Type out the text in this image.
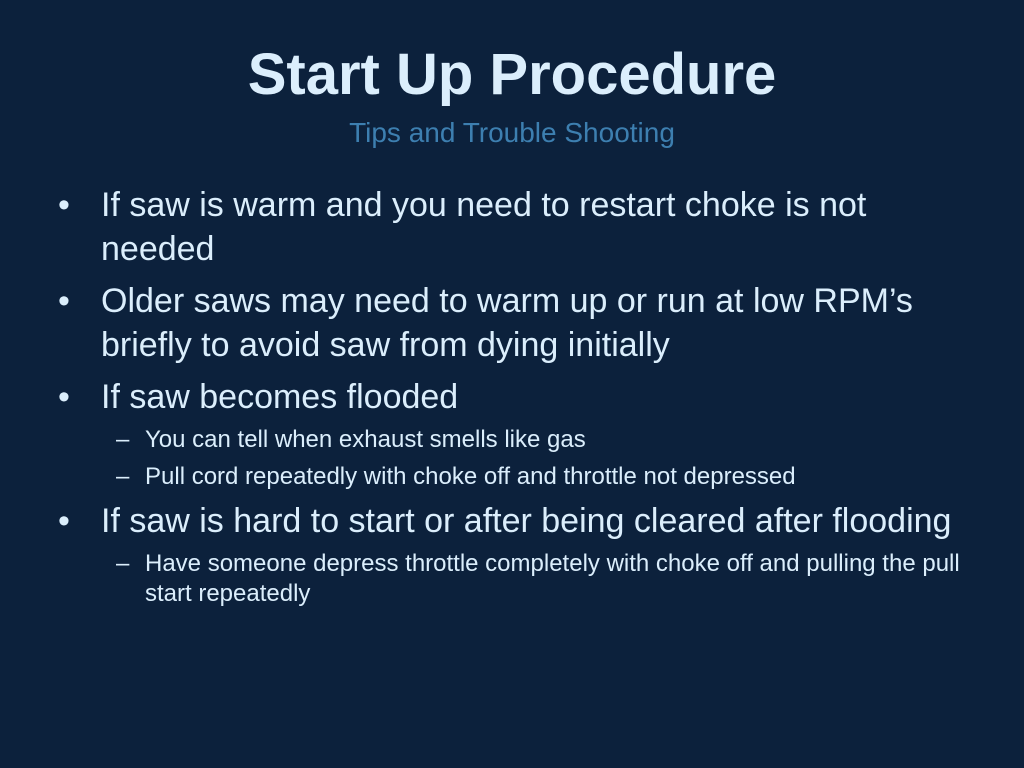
Start Up Procedure
Tips and Trouble Shooting
• If saw is warm and you need to restart choke is not needed
• Older saws may need to warm up or run at low RPM’s briefly to avoid saw from dying initially
• If saw becomes flooded
– You can tell when exhaust smells like gas
– Pull cord repeatedly with choke off and throttle not depressed
• If saw is hard to start or after being cleared after flooding
– Have someone depress throttle completely with choke off and pulling the pull start repeatedly
